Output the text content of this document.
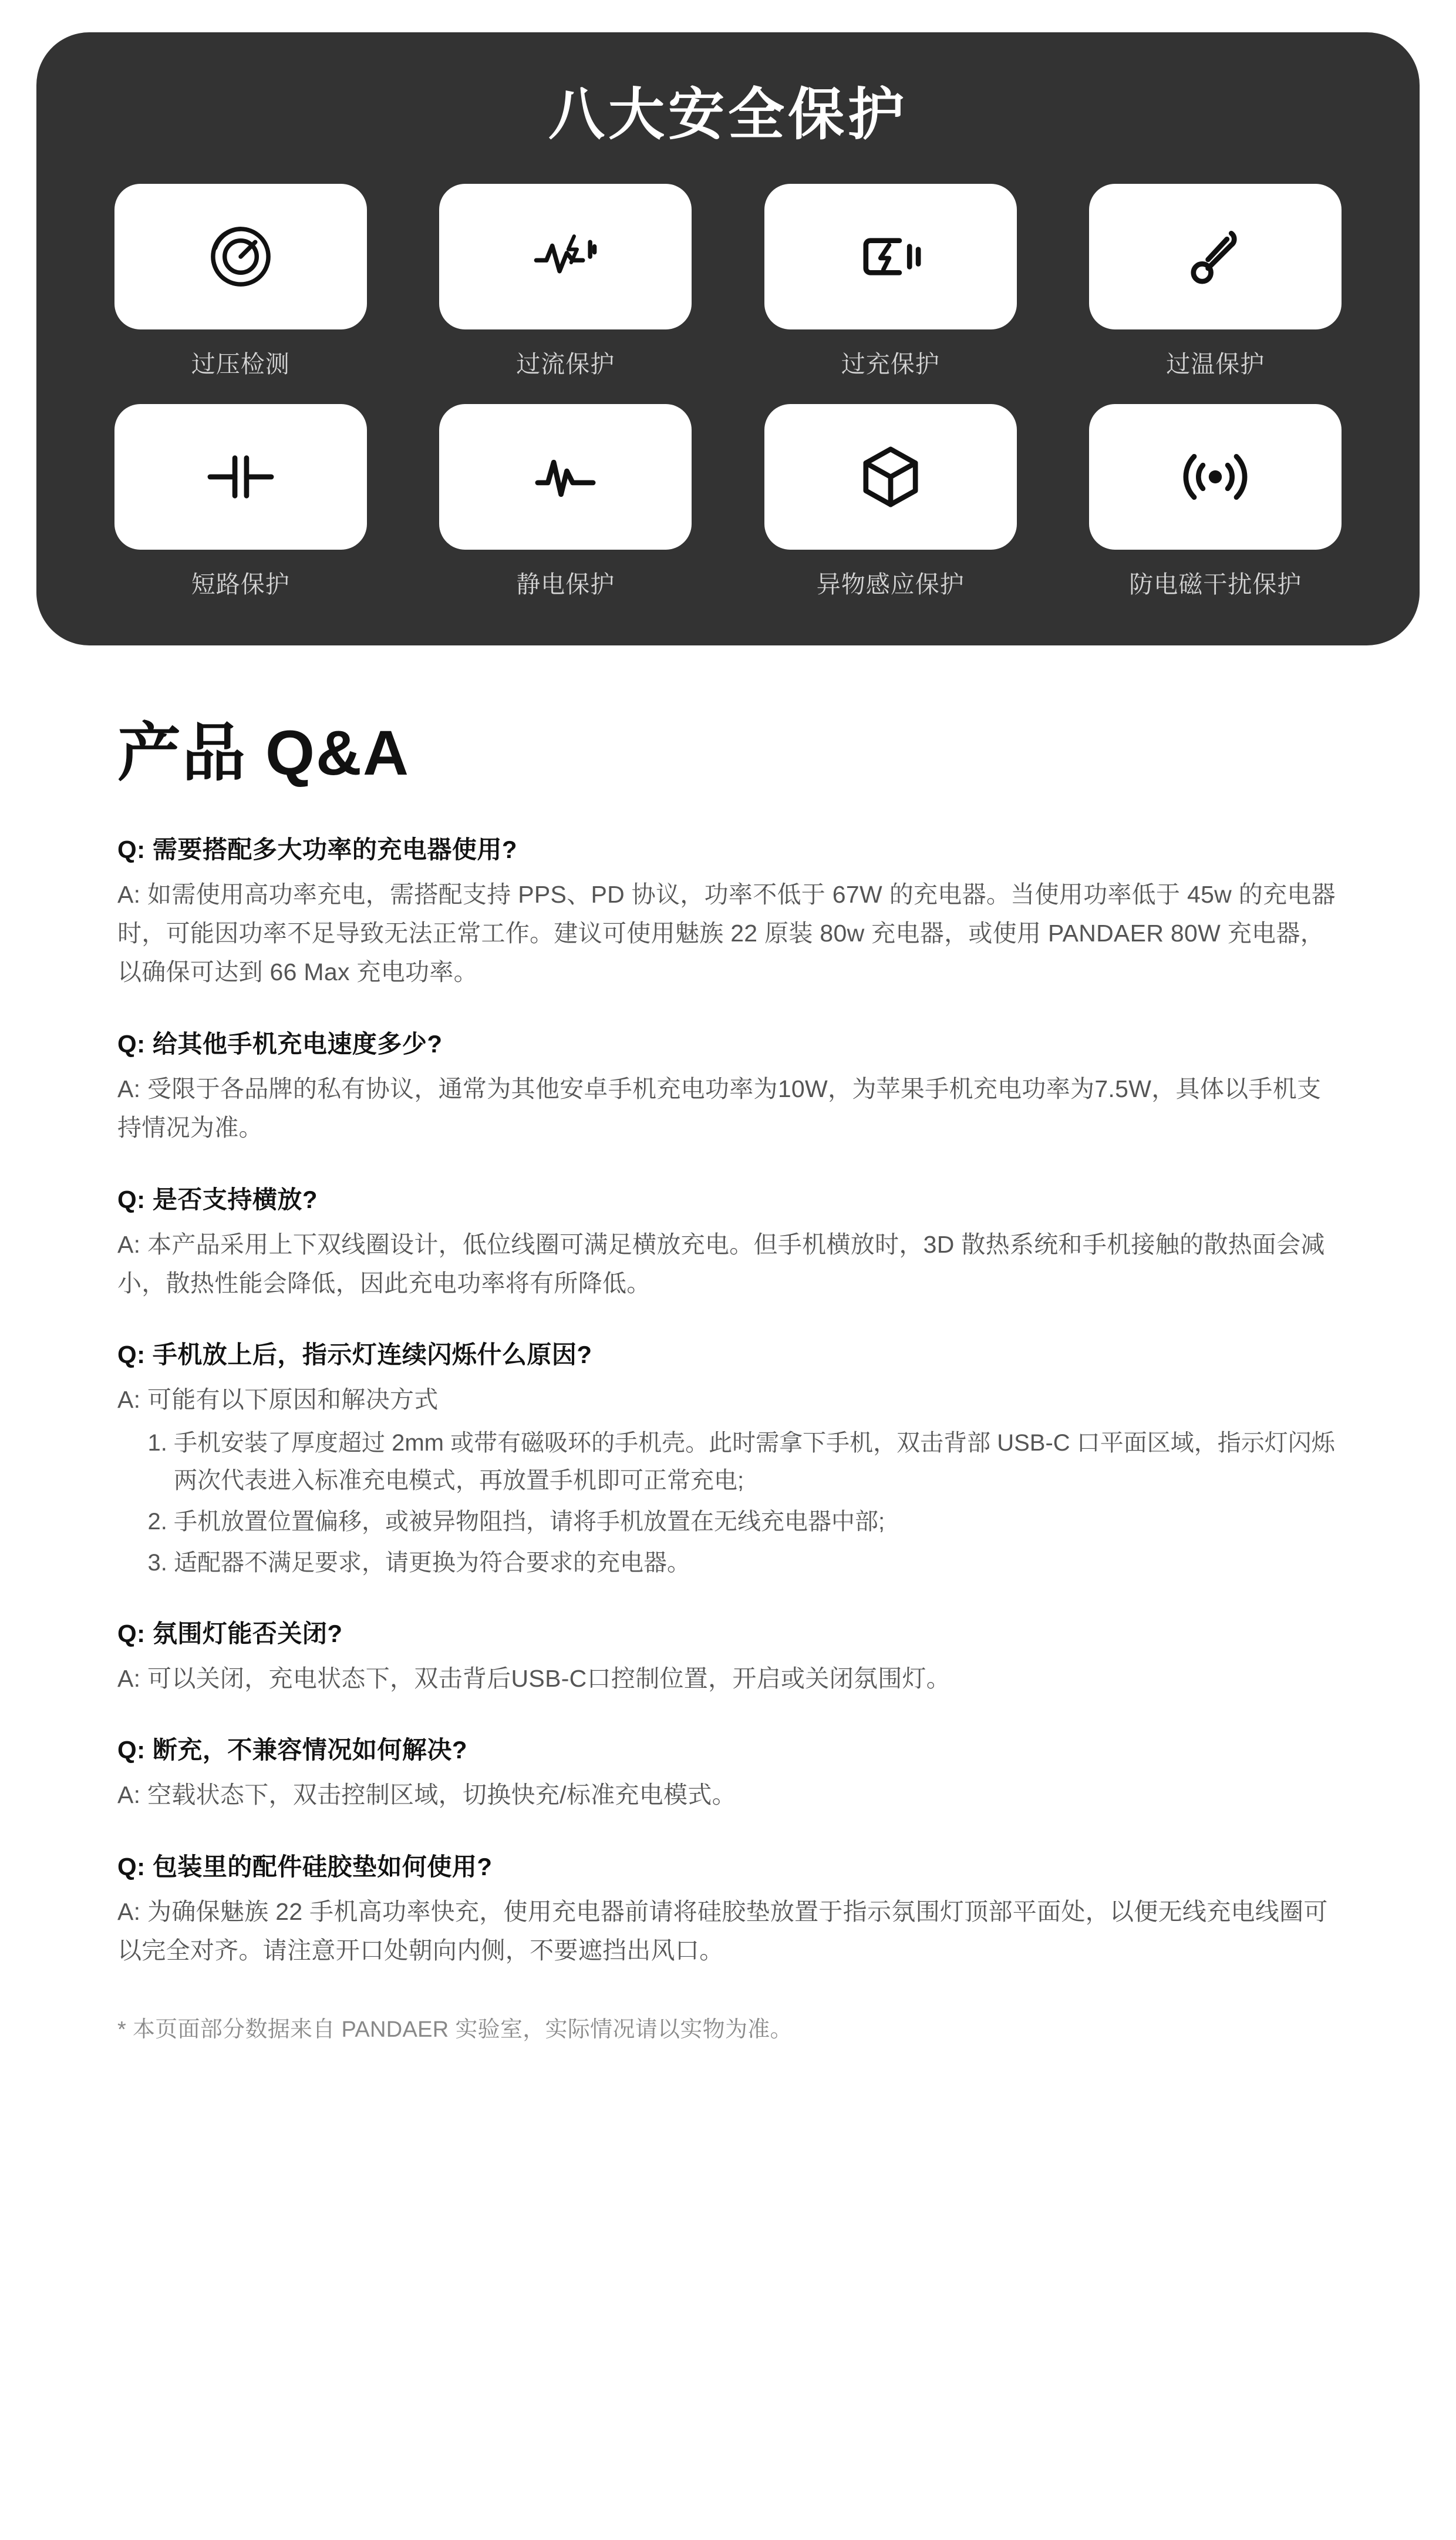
八大安全保护
过压检测	过流保护	过充保护	过温保护
短路保护	静电保护	异物感应保护	防电磁干扰保护
产品 Q&A

Q: 需要搭配多大功率的充电器使用?

A: 如需使用高功率充电，需搭配支持 PPS、PD 协议，功率不低于 67W 的充电器。当使用功率低于 45w 的充电器时，可能因功率不足导致无法正常工作。建议可使用魅族 22 原装 80w 充电器，或使用 PANDAER 80W 充电器，以确保可达到 66 Max 充电功率。

Q: 给其他手机充电速度多少?

A: 受限于各品牌的私有协议，通常为其他安卓手机充电功率为10W，为苹果手机充电功率为7.5W，具体以手机支持情况为准。

Q: 是否支持横放?

A: 本产品采用上下双线圈设计，低位线圈可满足横放充电。但手机横放时，3D 散热系统和手机接触的散热面会减小，散热性能会降低，因此充电功率将有所降低。

Q: 手机放上后，指示灯连续闪烁什么原因?

A: 可能有以下原因和解决方式

1. 手机安装了厚度超过 2mm 或带有磁吸环的手机壳。此时需拿下手机，双击背部 USB-C 口平面区域，指示灯闪烁两次代表进入标准充电模式，再放置手机即可正常充电;
2. 手机放置位置偏移，或被异物阻挡，请将手机放置在无线充电器中部;
3. 适配器不满足要求，请更换为符合要求的充电器。

Q: 氛围灯能否关闭?

A: 可以关闭，充电状态下，双击背后USB-C口控制位置，开启或关闭氛围灯。

Q: 断充，不兼容情况如何解决?

A: 空载状态下，双击控制区域，切换快充/标准充电模式。

Q: 包装里的配件硅胶垫如何使用?

A: 为确保魅族 22 手机高功率快充，使用充电器前请将硅胶垫放置于指示氛围灯顶部平面处，以便无线充电线圈可以完全对齐。请注意开口处朝向内侧，不要遮挡出风口。

* 本页面部分数据来自 PANDAER 实验室，实际情况请以实物为准。
